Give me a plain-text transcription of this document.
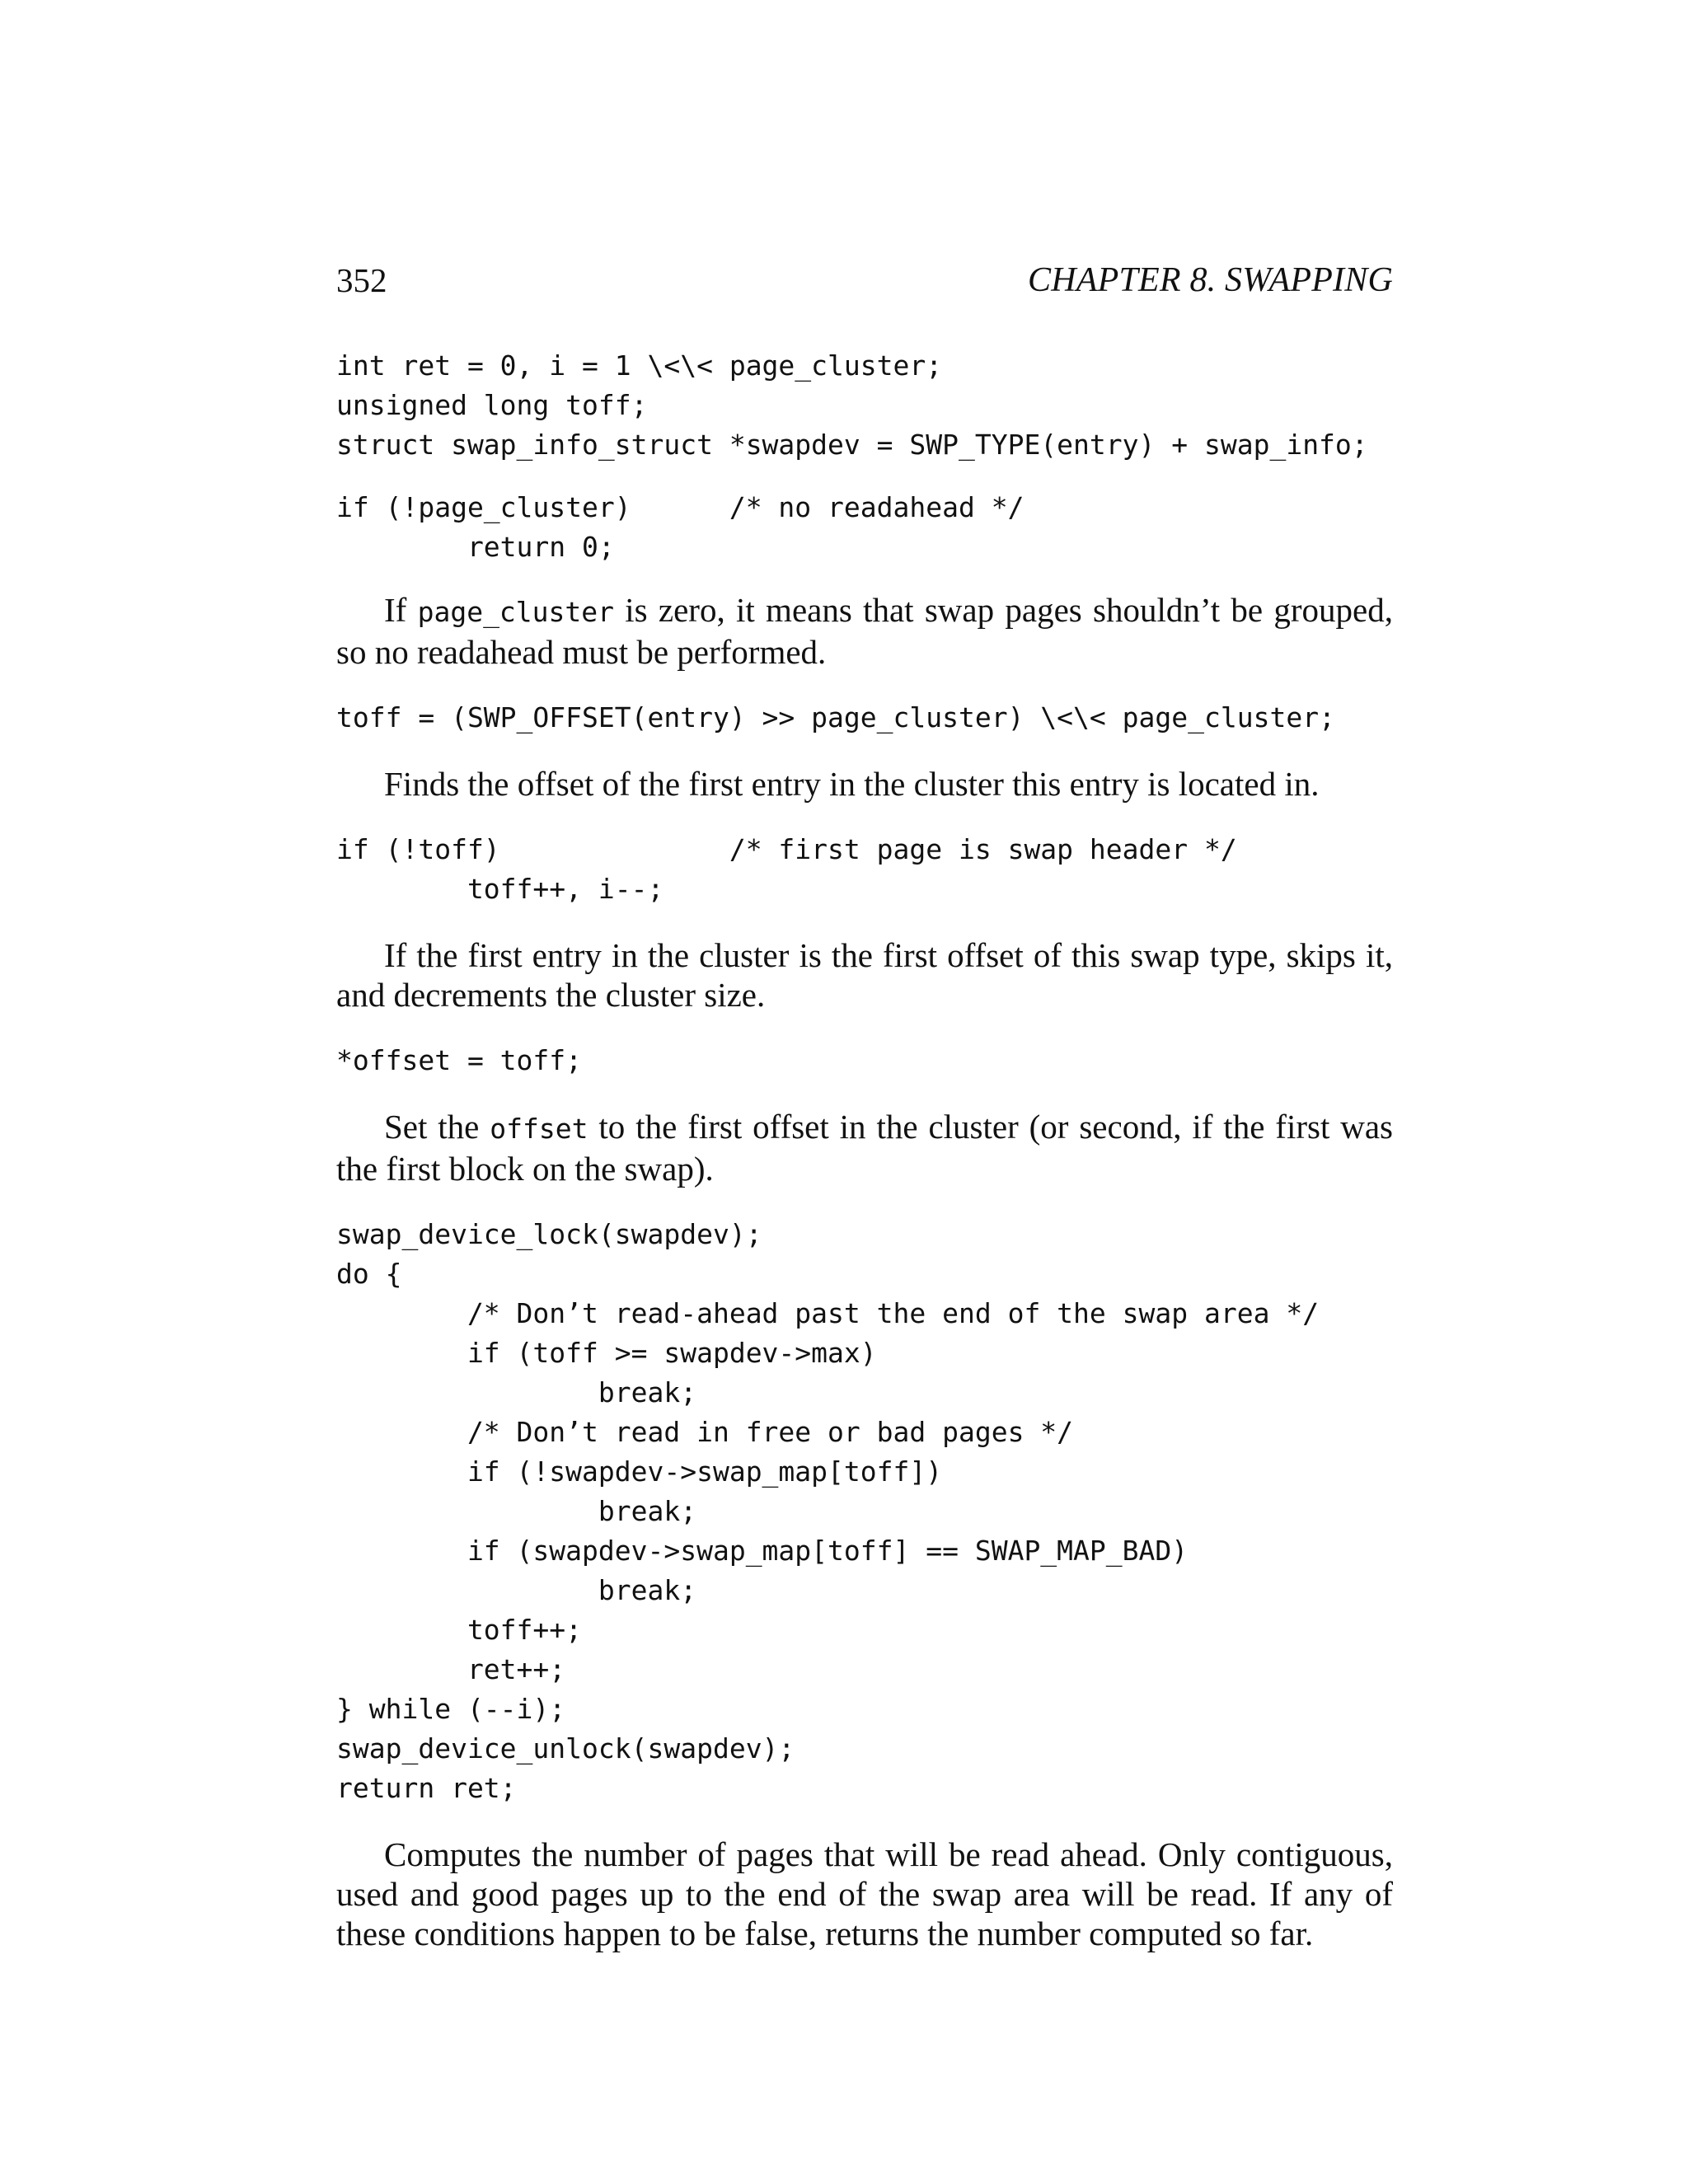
352	CHAPTER 8. SWAPPING
int ret = 0, i = 1 \<\< page_cluster;
unsigned long toff;
struct swap_info_struct *swapdev = SWP_TYPE(entry) + swap_info;
if (!page_cluster)      /* no readahead */
return 0;

If page_cluster is zero, it means that swap pages shouldn’t be grouped, so no readahead must be performed.

toff = (SWP_OFFSET(entry) >> page_cluster) \<\< page_cluster;

Finds the offset of the first entry in the cluster this entry is located in.

if (!toff)              /* first page is swap header */
toff++, i--;

If the first entry in the cluster is the first offset of this swap type, skips it, and decrements the cluster size.

*offset = toff;

Set the offset to the first offset in the cluster (or second, if the first was the first block on the swap).

swap_device_lock(swapdev);
do {
/* Don’t read-ahead past the end of the swap area */
if (toff >= swapdev->max)
break;
/* Don’t read in free or bad pages */
if (!swapdev->swap_map[toff])
break;
if (swapdev->swap_map[toff] == SWAP_MAP_BAD)
break;
toff++;
ret++;
} while (--i);
swap_device_unlock(swapdev);
return ret;

Computes the number of pages that will be read ahead. Only contiguous, used and good pages up to the end of the swap area will be read. If any of these conditions happen to be false, returns the number computed so far.
